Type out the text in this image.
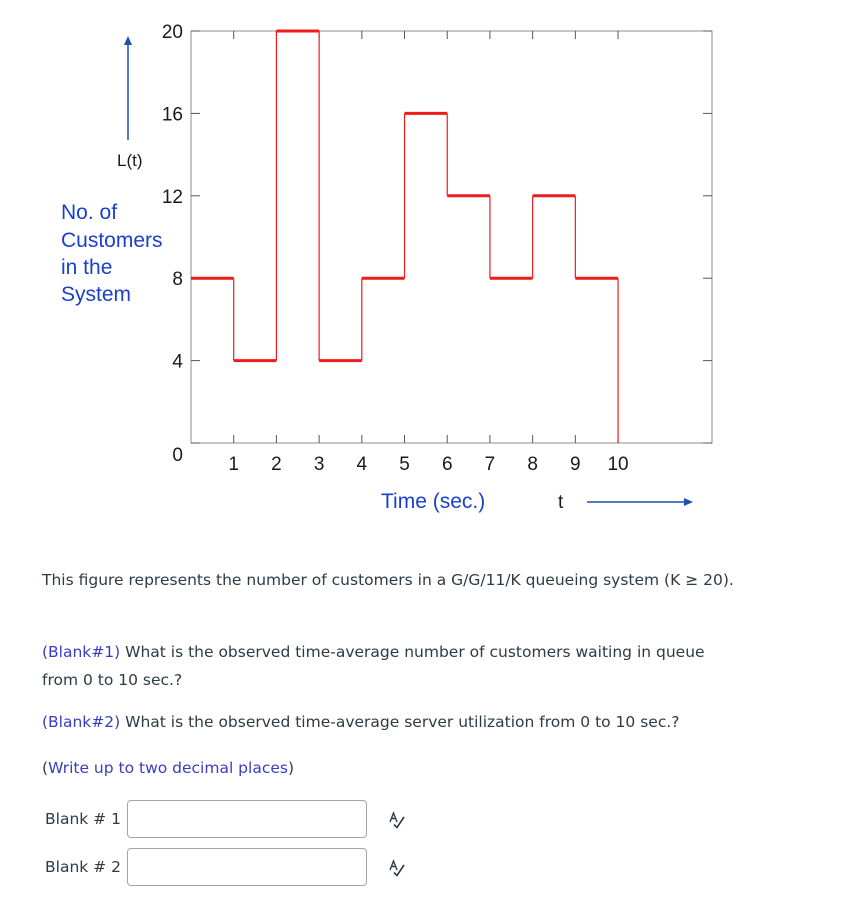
0
4
8
12
16
20
1 2 3 4 5 6 7 8 9 10
L(t)
No. of
Customers
in the
System
Time (sec.)	t
This figure represents the number of customers in a G/G/11/K queueing system (K ≥ 20).
(Blank#1) What is the observed time-average number of customers waiting in queue from 0 to 10 sec.?
(Blank#2) What is the observed time-average server utilization from 0 to 10 sec.?
(Write up to two decimal places)
Blank # 1
Blank # 2
